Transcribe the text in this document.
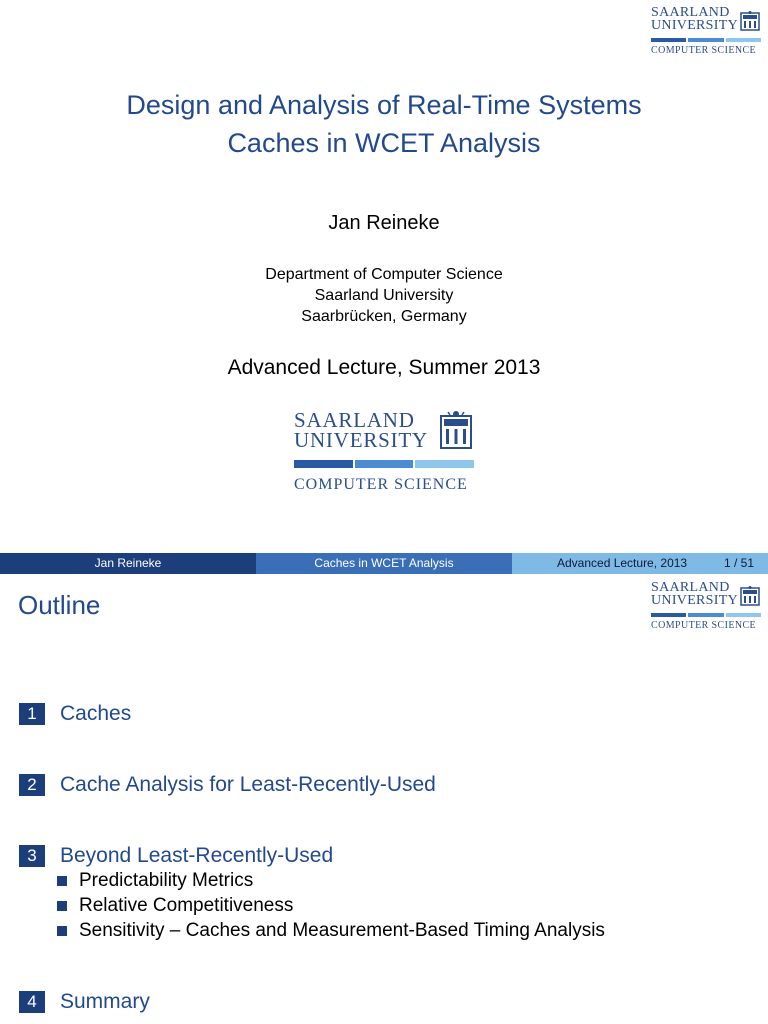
SAARLAND
UNIVERSITY
COMPUTER SCIENCE
Design and Analysis of Real-Time Systems
Caches in WCET Analysis
Jan Reineke
Department of Computer Science
Saarland University
Saarbrücken, Germany
Advanced Lecture, Summer 2013
SAARLAND
UNIVERSITY
COMPUTER SCIENCE
Jan Reineke	Caches in WCET Analysis	Advanced Lecture, 2013	1 / 51
Outline
SAARLAND
UNIVERSITY
COMPUTER SCIENCE
1	Caches
2	Cache Analysis for Least-Recently-Used
3	Beyond Least-Recently-Used
Predictability Metrics
Relative Competitiveness
Sensitivity – Caches and Measurement-Based Timing Analysis
4	Summary
